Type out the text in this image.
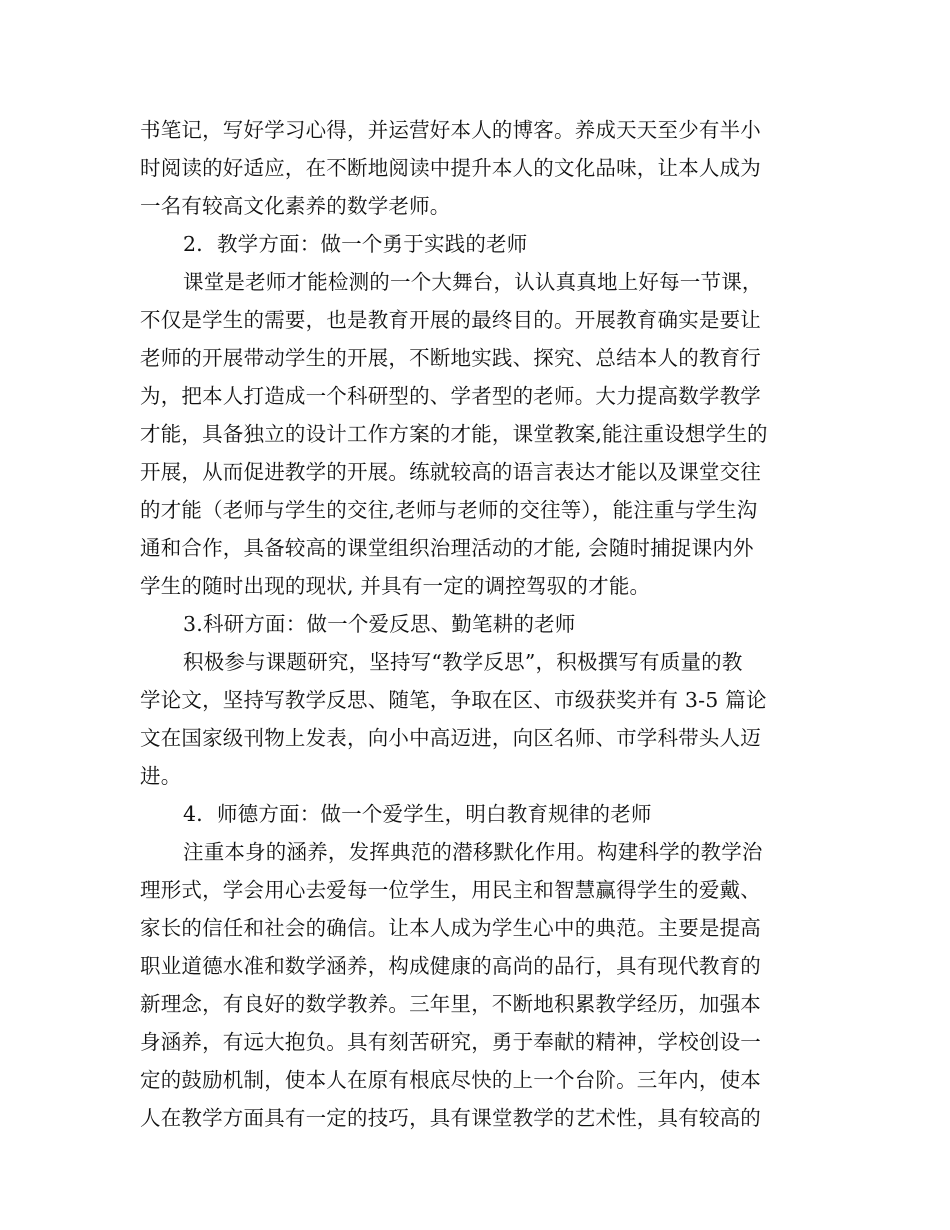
书笔记，写好学习心得，并运营好本人的博客。养成天天至少有半小
时阅读的好适应，在不断地阅读中提升本人的文化品味，让本人成为
一名有较高文化素养的数学老师。
2．教学方面：做一个勇于实践的老师
课堂是老师才能检测的一个大舞台，认认真真地上好每一节课，
不仅是学生的需要，也是教育开展的最终目的。开展教育确实是要让
老师的开展带动学生的开展，不断地实践、探究、总结本人的教育行
为，把本人打造成一个科研型的、学者型的老师。大力提高数学教学
才能，具备独立的设计工作方案的才能，课堂教案,能注重设想学生的
开展，从而促进教学的开展。练就较高的语言表达才能以及课堂交往
的才能（老师与学生的交往,老师与老师的交往等），能注重与学生沟
通和合作，具备较高的课堂组织治理活动的才能, 会随时捕捉课内外
学生的随时出现的现状, 并具有一定的调控驾驭的才能。
3.科研方面：做一个爱反思、勤笔耕的老师
积极参与课题研究，坚持写“教学反思”，积极撰写有质量的教
学论文，坚持写教学反思、随笔，争取在区、市级获奖并有 3-5 篇论
文在国家级刊物上发表，向小中高迈进，向区名师、市学科带头人迈
进。
4．师德方面：做一个爱学生，明白教育规律的老师
注重本身的涵养，发挥典范的潜移默化作用。构建科学的教学治
理形式，学会用心去爱每一位学生，用民主和智慧赢得学生的爱戴、
家长的信任和社会的确信。让本人成为学生心中的典范。主要是提高
职业道德水准和数学涵养，构成健康的高尚的品行，具有现代教育的
新理念，有良好的数学教养。三年里，不断地积累教学经历，加强本
身涵养，有远大抱负。具有刻苦研究，勇于奉献的精神，学校创设一
定的鼓励机制，使本人在原有根底尽快的上一个台阶。三年内，使本
人在教学方面具有一定的技巧，具有课堂教学的艺术性，具有较高的
